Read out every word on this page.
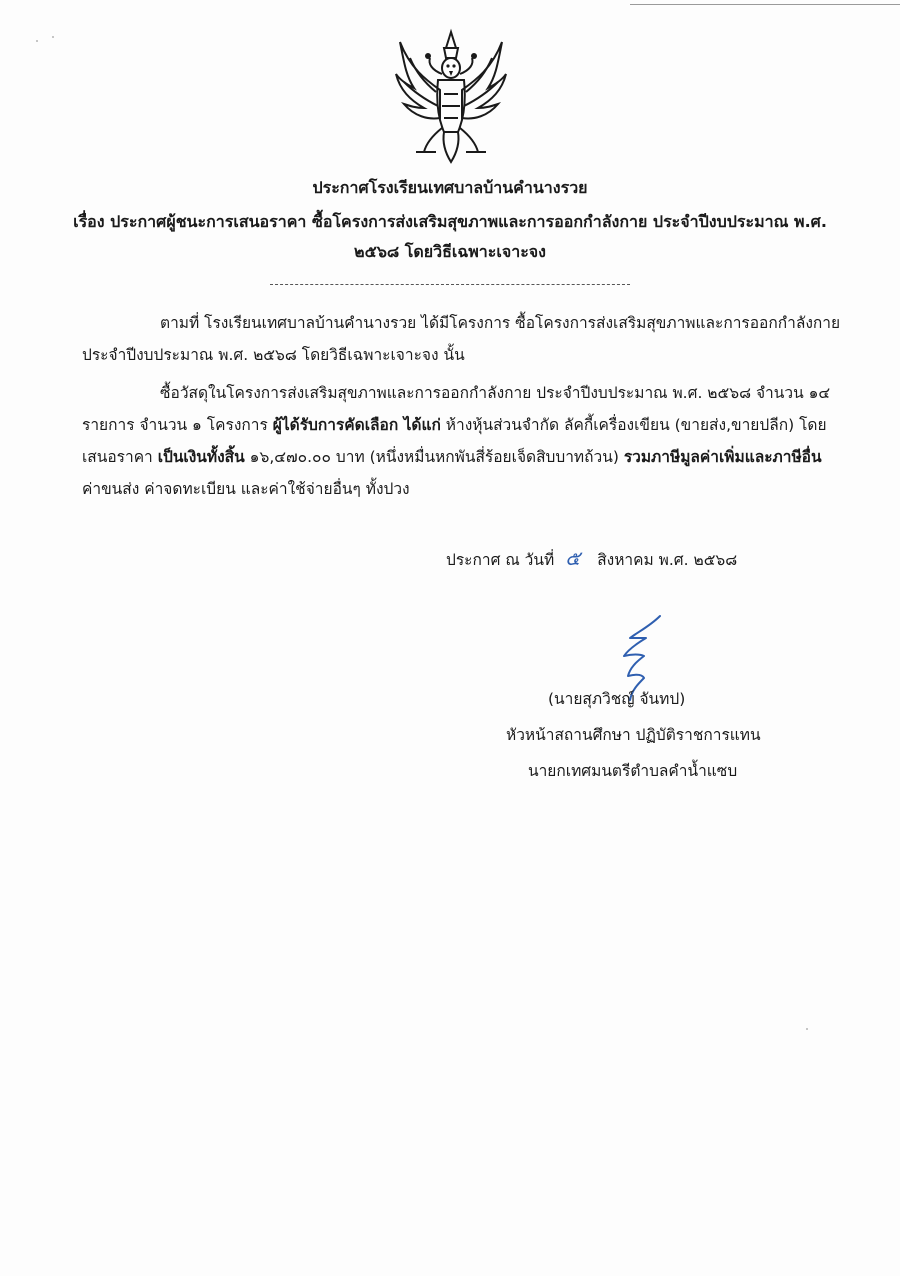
ประกาศโรงเรียนเทศบาลบ้านคำนางรวย
เรื่อง ประกาศผู้ชนะการเสนอราคา ซื้อโครงการส่งเสริมสุขภาพและการออกกำลังกาย ประจำปีงบประมาณ พ.ศ.
๒๕๖๘ โดยวิธีเฉพาะเจาะจง
ตามที่ โรงเรียนเทศบาลบ้านคำนางรวย ได้มีโครงการ ซื้อโครงการส่งเสริมสุขภาพและการออกกำลังกาย
ประจำปีงบประมาณ พ.ศ. ๒๕๖๘ โดยวิธีเฉพาะเจาะจง นั้น
ซื้อวัสดุในโครงการส่งเสริมสุขภาพและการออกกำลังกาย ประจำปีงบประมาณ พ.ศ. ๒๕๖๘ จำนวน ๑๔
รายการ จำนวน ๑ โครงการ ผู้ได้รับการคัดเลือก ได้แก่ ห้างหุ้นส่วนจำกัด ลัคกี้เครื่องเขียน (ขายส่ง,ขายปลีก) โดย
เสนอราคา เป็นเงินทั้งสิ้น ๑๖,๔๗๐.๐๐ บาท (หนึ่งหมื่นหกพันสี่ร้อยเจ็ดสิบบาทถ้วน) รวมภาษีมูลค่าเพิ่มและภาษีอื่น
ค่าขนส่ง ค่าจดทะเบียน และค่าใช้จ่ายอื่นๆ ทั้งปวง
ประกาศ ณ วันที่ ๕ สิงหาคม พ.ศ. ๒๕๖๘
(นายสุภวิชญ์ จันทป)
หัวหน้าสถานศึกษา ปฏิบัติราชการแทน
นายกเทศมนตรีตำบลคำน้ำแซบ
